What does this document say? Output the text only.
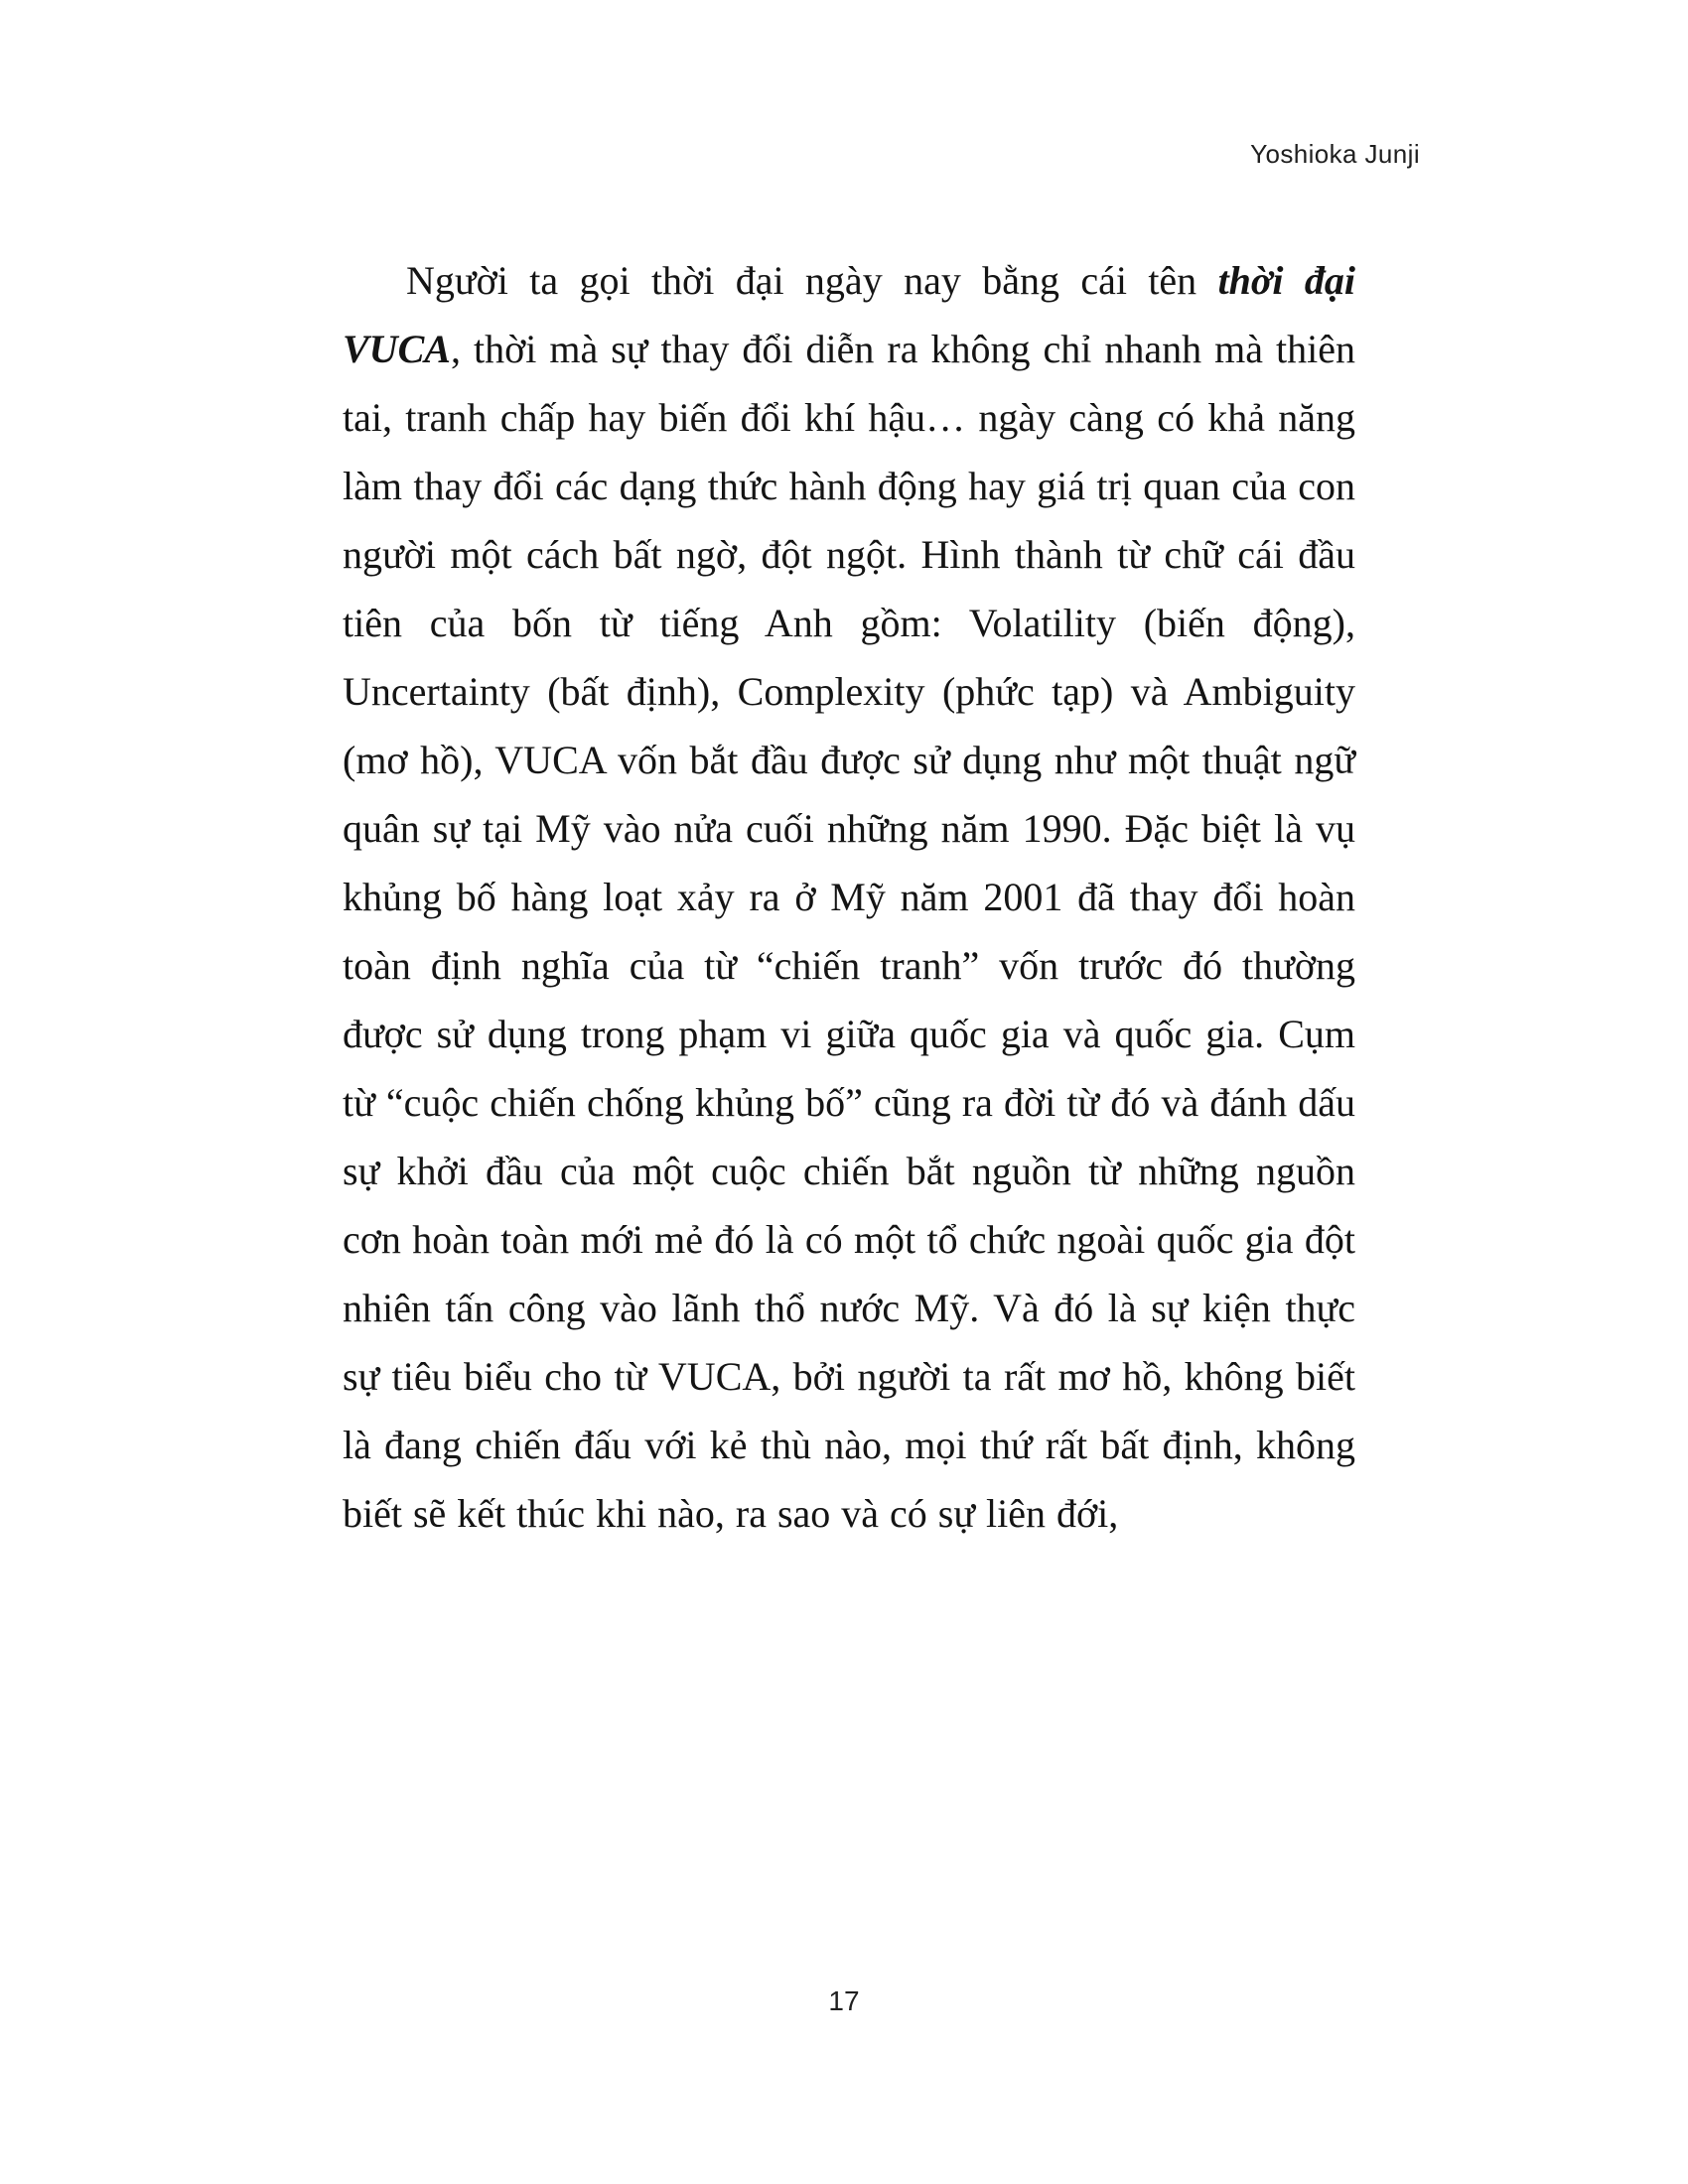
Yoshioka Junji

Người ta gọi thời đại ngày nay bằng cái tên thời đại VUCA, thời mà sự thay đổi diễn ra không chỉ nhanh mà thiên tai, tranh chấp hay biến đổi khí hậu… ngày càng có khả năng làm thay đổi các dạng thức hành động hay giá trị quan của con người một cách bất ngờ, đột ngột. Hình thành từ chữ cái đầu tiên của bốn từ tiếng Anh gồm: Volatility (biến động), Uncertainty (bất định), Complexity (phức tạp) và Ambiguity (mơ hồ), VUCA vốn bắt đầu được sử dụng như một thuật ngữ quân sự tại Mỹ vào nửa cuối những năm 1990. Đặc biệt là vụ khủng bố hàng loạt xảy ra ở Mỹ năm 2001 đã thay đổi hoàn toàn định nghĩa của từ “chiến tranh” vốn trước đó thường được sử dụng trong phạm vi giữa quốc gia và quốc gia. Cụm từ “cuộc chiến chống khủng bố” cũng ra đời từ đó và đánh dấu sự khởi đầu của một cuộc chiến bắt nguồn từ những nguồn cơn hoàn toàn mới mẻ đó là có một tổ chức ngoài quốc gia đột nhiên tấn công vào lãnh thổ nước Mỹ. Và đó là sự kiện thực sự tiêu biểu cho từ VUCA, bởi người ta rất mơ hồ, không biết là đang chiến đấu với kẻ thù nào, mọi thứ rất bất định, không biết sẽ kết thúc khi nào, ra sao và có sự liên đới,

17
